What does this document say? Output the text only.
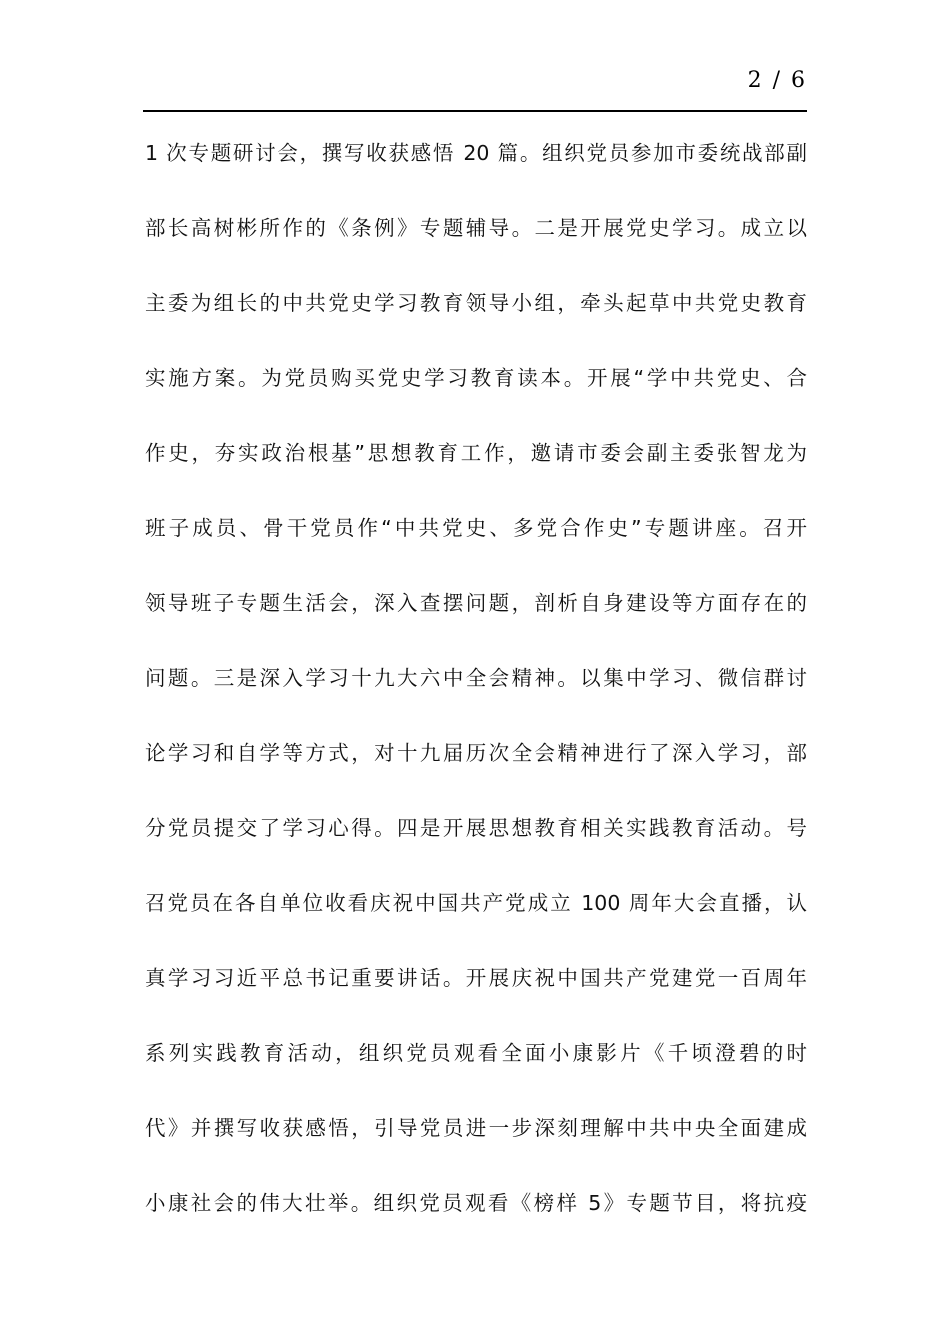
2 / 6
1 次专题研讨会，撰写收获感悟 20 篇。组织党员参加市委统战部副
部长高树彬所作的《条例》专题辅导。二是开展党史学习。成立以
主委为组长的中共党史学习教育领导小组，牵头起草中共党史教育
实施方案。为党员购买党史学习教育读本。开展“学中共党史、合
作史，夯实政治根基”思想教育工作，邀请市委会副主委张智龙为
班子成员、骨干党员作“中共党史、多党合作史”专题讲座。召开
领导班子专题生活会，深入查摆问题，剖析自身建设等方面存在的
问题。三是深入学习十九大六中全会精神。以集中学习、微信群讨
论学习和自学等方式，对十九届历次全会精神进行了深入学习，部
分党员提交了学习心得。四是开展思想教育相关实践教育活动。号
召党员在各自单位收看庆祝中国共产党成立 100 周年大会直播，认
真学习习近平总书记重要讲话。开展庆祝中国共产党建党一百周年
系列实践教育活动，组织党员观看全面小康影片《千顷澄碧的时
代》并撰写收获感悟，引导党员进一步深刻理解中共中央全面建成
小康社会的伟大壮举。组织党员观看《榜样 5》专题节目，将抗疫
